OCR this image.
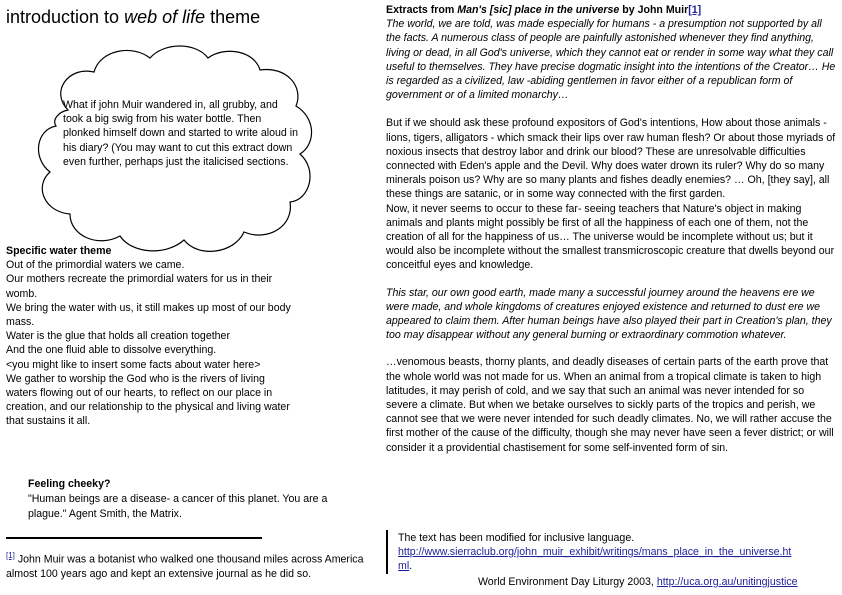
introduction to web of life theme
What if john Muir wandered in, all grubby, and took a big swig from his water bottle. Then plonked himself down and started to write aloud in his diary? (You may want to cut this extract down even further, perhaps just the italicised sections.
Specific water theme
Out of the primordial waters we came.
Our mothers recreate the primordial waters for us in their womb.
We bring the water with us, it still makes up most of our body mass.
Water is the glue that holds all creation together
And the one fluid able to dissolve everything.
<you might like to insert some facts about water here>
We gather to worship the God who is the rivers of living waters flowing out of our hearts, to reflect on our place in creation, and our relationship to the physical and living water that sustains it all.
Feeling cheeky?
"Human beings are a disease- a cancer of this planet. You are a plague." Agent Smith, the Matrix.
[1] John Muir was a botanist who walked one thousand miles across America almost 100 years ago and kept an extensive journal as he did so.

Extracts from Man's [sic] place in the universe by John Muir[1]

The world, we are told, was made especially for humans - a presumption not supported by all the facts. A numerous class of people are painfully astonished whenever they find anything, living or dead, in all God's universe, which they cannot eat or render in some way what they call useful to themselves. They have precise dogmatic insight into the intentions of the Creator… He is regarded as a civilized, law -abiding gentlemen in favor either of a republican form of government or of a limited monarchy…

But if we should ask these profound expositors of God's intentions, How about those animals - lions, tigers, alligators - which smack their lips over raw human flesh? Or about those myriads of noxious insects that destroy labor and drink our blood? These are unresolvable difficulties connected with Eden's apple and the Devil. Why does water drown its ruler? Why do so many minerals poison us? Why are so many plants and fishes deadly enemies? … Oh, [they say], all these things are satanic, or in some way connected with the first garden.

Now, it never seems to occur to these far- seeing teachers that Nature's object in making animals and plants might possibly be first of all the happiness of each one of them, not the creation of all for the happiness of us… The universe would be incomplete without us; but it would also be incomplete without the smallest transmicroscopic creature that dwells beyond our conceitful eyes and knowledge.

This star, our own good earth, made many a successful journey around the heavens ere we were made, and whole kingdoms of creatures enjoyed existence and returned to dust ere we appeared to claim them. After human beings have also played their part in Creation's plan, they too may disappear without any general burning or extraordinary commotion whatever.

…venomous beasts, thorny plants, and deadly diseases of certain parts of the earth prove that the whole world was not made for us. When an animal from a tropical climate is taken to high latitudes, it may perish of cold, and we say that such an animal was never intended for so severe a climate. But when we betake ourselves to sickly parts of the tropics and perish, we cannot see that we were never intended for such deadly climates. No, we will rather accuse the first mother of the cause of the difficulty, though she may never have seen a fever district; or will consider it a providential chastisement for some self-invented form of sin.

The text has been modified for inclusive language.
http://www.sierraclub.org/john_muir_exhibit/writings/mans_place_in_the_universe.html.
World Environment Day Liturgy 2003, http://uca.org.au/unitingjustice
